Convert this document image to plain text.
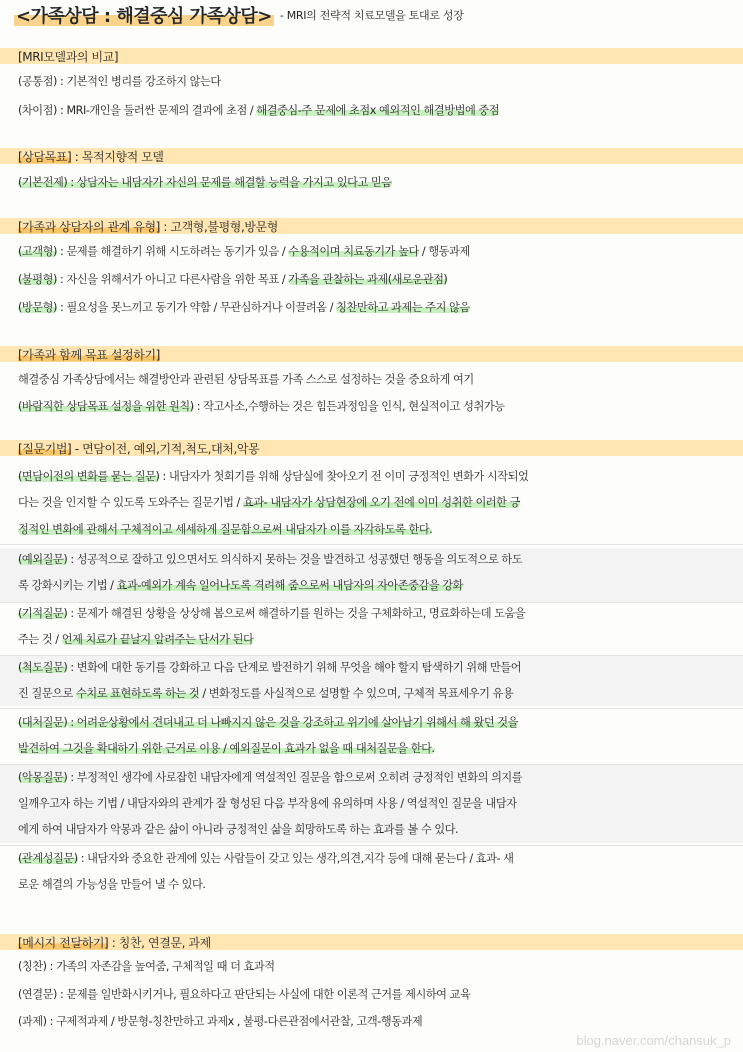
<가족상담 : 해결중심 가족상담> - MRI의 전략적 치료모델을 토대로 성장
[MRI모델과의 비교]
(공통점) : 기본적인 병리를 강조하지 않는다
(차이점) : MRI-개인을 둘러싼 문제의 결과에 초점 / 해결중심-주 문제에 초점x 예외적인 해결방법에 중점
[상담목표] : 목적지향적 모델
(기본전제) : 상담자는 내담자가 자신의 문제를 해결할 능력을 가지고 있다고 믿음
[가족과 상담자의 관계 유형] : 고객형,불평형,방문형
(고객형) : 문제를 해결하기 위해 시도하려는 동기가 있음 / 수용적이며 치료동기가 높다 / 행동과제
(불평형) : 자신을 위해서가 아니고 다른사람을 위한 목표 / 가족을 관찰하는 과제(새로운관점)
(방문형) : 필요성을 못느끼고 동기가 약함 / 무관심하거나 이끌려옴 / 칭찬만하고 과제는 주지 않음
[가족과 함께 목표 설정하기]
해결중심 가족상담에서는 해결방안과 관련된 상담목표를 가족 스스로 설정하는 것을 중요하게 여기
(바람직한 상담목표 설정을 위한 원칙) : 작고사소,수행하는 것은 힘든과정임을 인식, 현실적이고 성취가능
[질문기법] - 면담이전, 예외,기적,척도,대처,악몽
(면담이전의 변화를 묻는 질문) : 내담자가 첫회기를 위해 상담실에 찾아오기 전 이미 긍정적인 변화가 시작되었
다는 것을 인지할 수 있도록 도와주는 질문기법 / 효과- 내담자가 상담현장에 오기 전에 이미 성취한 이러한 긍
정적인 변화에 관해서 구체적이고 세세하게 질문함으로써 내담자가 이를 자각하도록 한다.
(예외질문) : 성공적으로 잘하고 있으면서도 의식하지 못하는 것을 발견하고 성공했던 행동을 의도적으로 하도
록 강화시키는 기법 / 효과-예외가 계속 일어나도록 격려해 줌으로써 내담자의 자아존중감을 강화
(기적질문) : 문제가 해결된 상황을 상상해 봄으로써 해결하기를 원하는 것을 구체화하고, 명료화하는데 도움을
주는 것 / 언제 치료가 끝날지 알려주는 단서가 된다
(척도질문) : 변화에 대한 동기를 강화하고 다음 단계로 발전하기 위해 무엇을 해야 할지 탐색하기 위해 만들어
진 질문으로 수치로 표현하도록 하는 것 / 변화정도를 사실적으로 설명할 수 있으며, 구체적 목표세우기 유용
(대처질문) : 어려운상황에서 견뎌내고 더 나빠지지 않은 것을 강조하고 위기에 살아남기 위해서 해 왔던 것을
발견하여 그것을 확대하기 위한 근거로 이용 / 예외질문이 효과가 없을 때 대처질문을 한다.
(악몽질문) : 부정적인 생각에 사로잡힌 내담자에게 역설적인 질문을 함으로써 오히려 긍정적인 변화의 의지를
일깨우고자 하는 기법 / 내담자와의 관계가 잘 형성된 다음 부작용에 유의하며 사용 / 역설적인 질문을 내담자
에게 하여 내담자가 악몽과 같은 삶이 아니라 긍정적인 삶을 희망하도록 하는 효과를 볼 수 있다.
(관계성질문) : 내담자와 중요한 관계에 있는 사람들이 갖고 있는 생각,의견,지각 등에 대해 묻는다 / 효과- 새
로운 해결의 가능성을 만들어 낼 수 있다.
[메시지 전달하기] : 칭찬, 연결문, 과제
(칭찬) : 가족의 자존감을 높여줌, 구체적일 때 더 효과적
(연결문) : 문제를 일반화시키거나, 필요하다고 판단되는 사실에 대한 이론적 근거를 제시하여 교육
(과제) : 구제적과제 / 방문형-칭찬만하고 과제x , 불평-다른관점에서관찰, 고객-행동과제
blog.naver.com/chansuk_p
